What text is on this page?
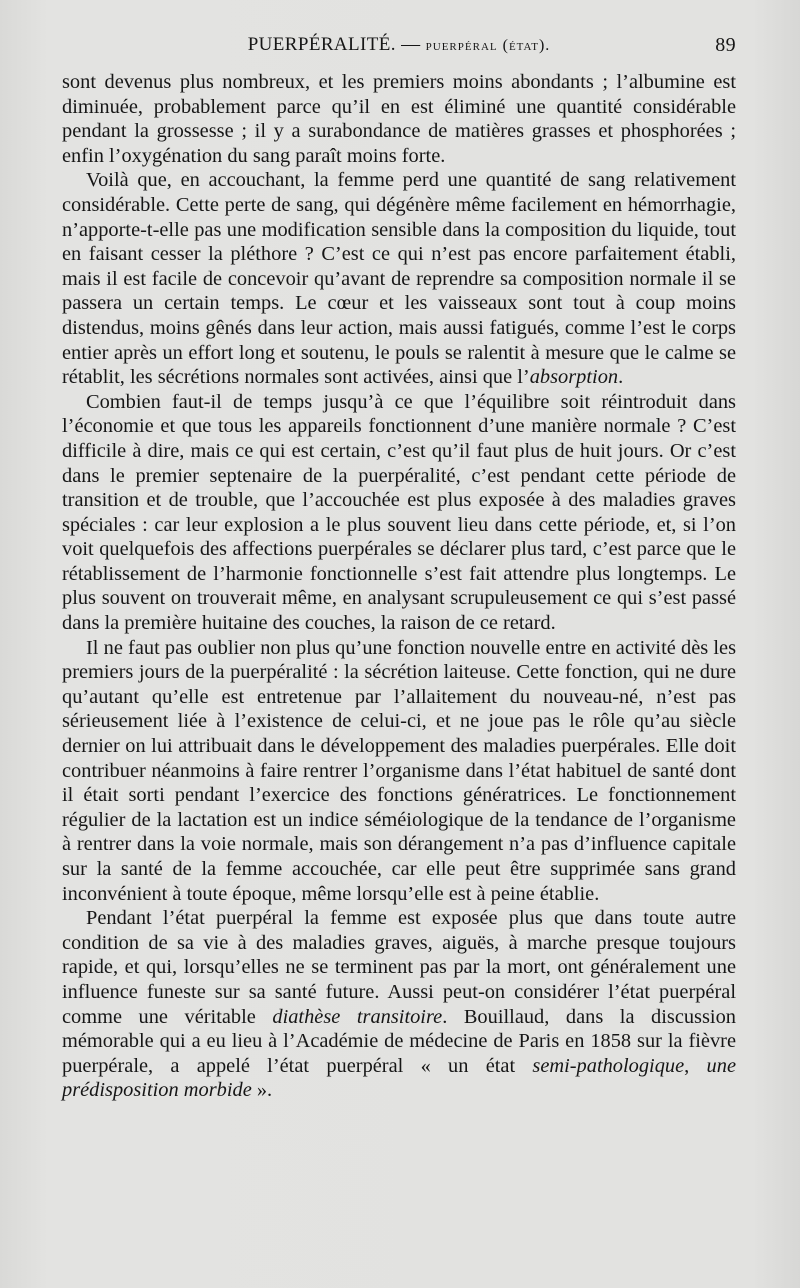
PUERPÉRALITÉ. — puerpéral (état).	89

sont devenus plus nombreux, et les premiers moins abondants ; l’albumine est diminuée, probablement parce qu’il en est éliminé une quantité considérable pendant la grossesse ; il y a surabondance de matières grasses et phosphorées ; enfin l’oxygénation du sang paraît moins forte.

Voilà que, en accouchant, la femme perd une quantité de sang relativement considérable. Cette perte de sang, qui dégénère même facilement en hémorrhagie, n’apporte-t-elle pas une modification sensible dans la composition du liquide, tout en faisant cesser la pléthore ? C’est ce qui n’est pas encore parfaitement établi, mais il est facile de concevoir qu’avant de reprendre sa composition normale il se passera un certain temps. Le cœur et les vaisseaux sont tout à coup moins distendus, moins gênés dans leur action, mais aussi fatigués, comme l’est le corps entier après un effort long et soutenu, le pouls se ralentit à mesure que le calme se rétablit, les sécrétions normales sont activées, ainsi que l’absorption.

Combien faut-il de temps jusqu’à ce que l’équilibre soit réintroduit dans l’économie et que tous les appareils fonctionnent d’une manière normale ? C’est difficile à dire, mais ce qui est certain, c’est qu’il faut plus de huit jours. Or c’est dans le premier septenaire de la puerpéralité, c’est pendant cette période de transition et de trouble, que l’accouchée est plus exposée à des maladies graves spéciales : car leur explosion a le plus souvent lieu dans cette période, et, si l’on voit quelquefois des affections puerpérales se déclarer plus tard, c’est parce que le rétablissement de l’harmonie fonctionnelle s’est fait attendre plus longtemps. Le plus souvent on trouverait même, en analysant scrupuleusement ce qui s’est passé dans la première huitaine des couches, la raison de ce retard.

Il ne faut pas oublier non plus qu’une fonction nouvelle entre en activité dès les premiers jours de la puerpéralité : la sécrétion laiteuse. Cette fonction, qui ne dure qu’autant qu’elle est entretenue par l’allaitement du nouveau-né, n’est pas sérieusement liée à l’existence de celui-ci, et ne joue pas le rôle qu’au siècle dernier on lui attribuait dans le développement des maladies puerpérales. Elle doit contribuer néanmoins à faire rentrer l’organisme dans l’état habituel de santé dont il était sorti pendant l’exercice des fonctions génératrices. Le fonctionnement régulier de la lactation est un indice séméiologique de la tendance de l’organisme à rentrer dans la voie normale, mais son dérangement n’a pas d’influence capitale sur la santé de la femme accouchée, car elle peut être supprimée sans grand inconvénient à toute époque, même lorsqu’elle est à peine établie.

Pendant l’état puerpéral la femme est exposée plus que dans toute autre condition de sa vie à des maladies graves, aiguës, à marche presque toujours rapide, et qui, lorsqu’elles ne se terminent pas par la mort, ont généralement une influence funeste sur sa santé future. Aussi peut-on considérer l’état puerpéral comme une véritable diathèse transitoire. Bouillaud, dans la discussion mémorable qui a eu lieu à l’Académie de médecine de Paris en 1858 sur la fièvre puerpérale, a appelé l’état puerpéral « un état semi-pathologique, une prédisposition morbide ».
